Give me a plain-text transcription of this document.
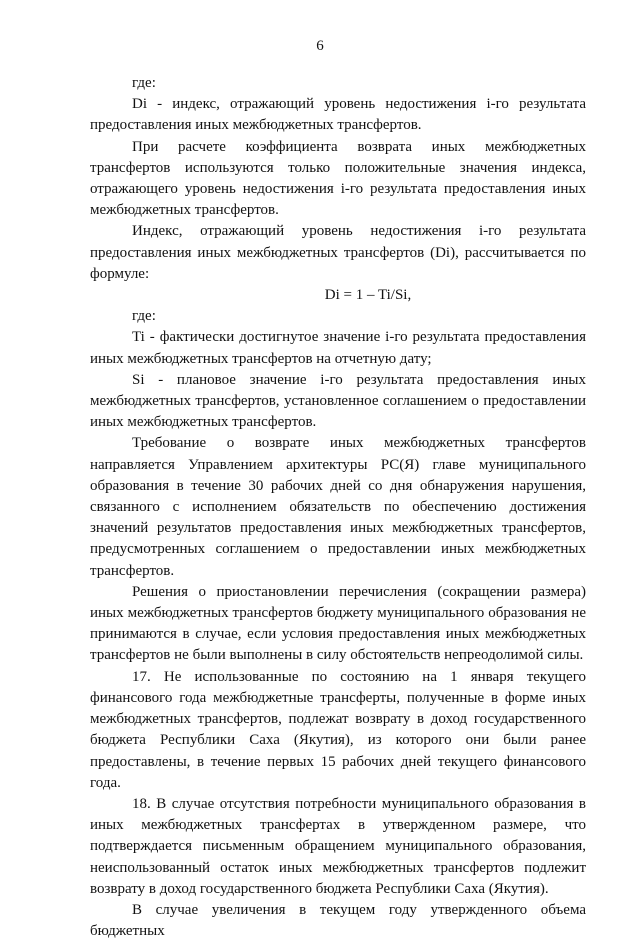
6

где:

Di - индекс, отражающий уровень недостижения i-го результата предоставления иных межбюджетных трансфертов.

При расчете коэффициента возврата иных межбюджетных трансфертов используются только положительные значения индекса, отражающего уровень недостижения i-го результата предоставления иных межбюджетных трансфертов.

Индекс, отражающий уровень недостижения i-го результата предоставления иных межбюджетных трансфертов (Di), рассчитывается по формуле:

Di = 1 – Ti/Si,

где:

Ti - фактически достигнутое значение i-го результата предоставления иных межбюджетных трансфертов на отчетную дату;

Si - плановое значение i-го результата предоставления иных межбюджетных трансфертов, установленное соглашением о предоставлении иных межбюджетных трансфертов.

Требование о возврате иных межбюджетных трансфертов направляется Управлением архитектуры РС(Я) главе муниципального образования в течение 30 рабочих дней со дня обнаружения нарушения, связанного с исполнением обязательств по обеспечению достижения значений результатов предоставления иных межбюджетных трансфертов, предусмотренных соглашением о предоставлении иных межбюджетных трансфертов.

Решения о приостановлении перечисления (сокращении размера) иных межбюджетных трансфертов бюджету муниципального образования не принимаются в случае, если условия предоставления иных межбюджетных трансфертов не были выполнены в силу обстоятельств непреодолимой силы.

17. Не использованные по состоянию на 1 января текущего финансового года межбюджетные трансферты, полученные в форме иных межбюджетных трансфертов, подлежат возврату в доход государственного бюджета Республики Саха (Якутия), из которого они были ранее предоставлены, в течение первых 15 рабочих дней текущего финансового года.

18. В случае отсутствия потребности муниципального образования в иных межбюджетных трансфертах в утвержденном размере, что подтверждается письменным обращением муниципального образования, неиспользованный остаток иных межбюджетных трансфертов подлежит возврату в доход государственного бюджета Республики Саха (Якутия).

В случае увеличения в текущем году утвержденного объема бюджетных
